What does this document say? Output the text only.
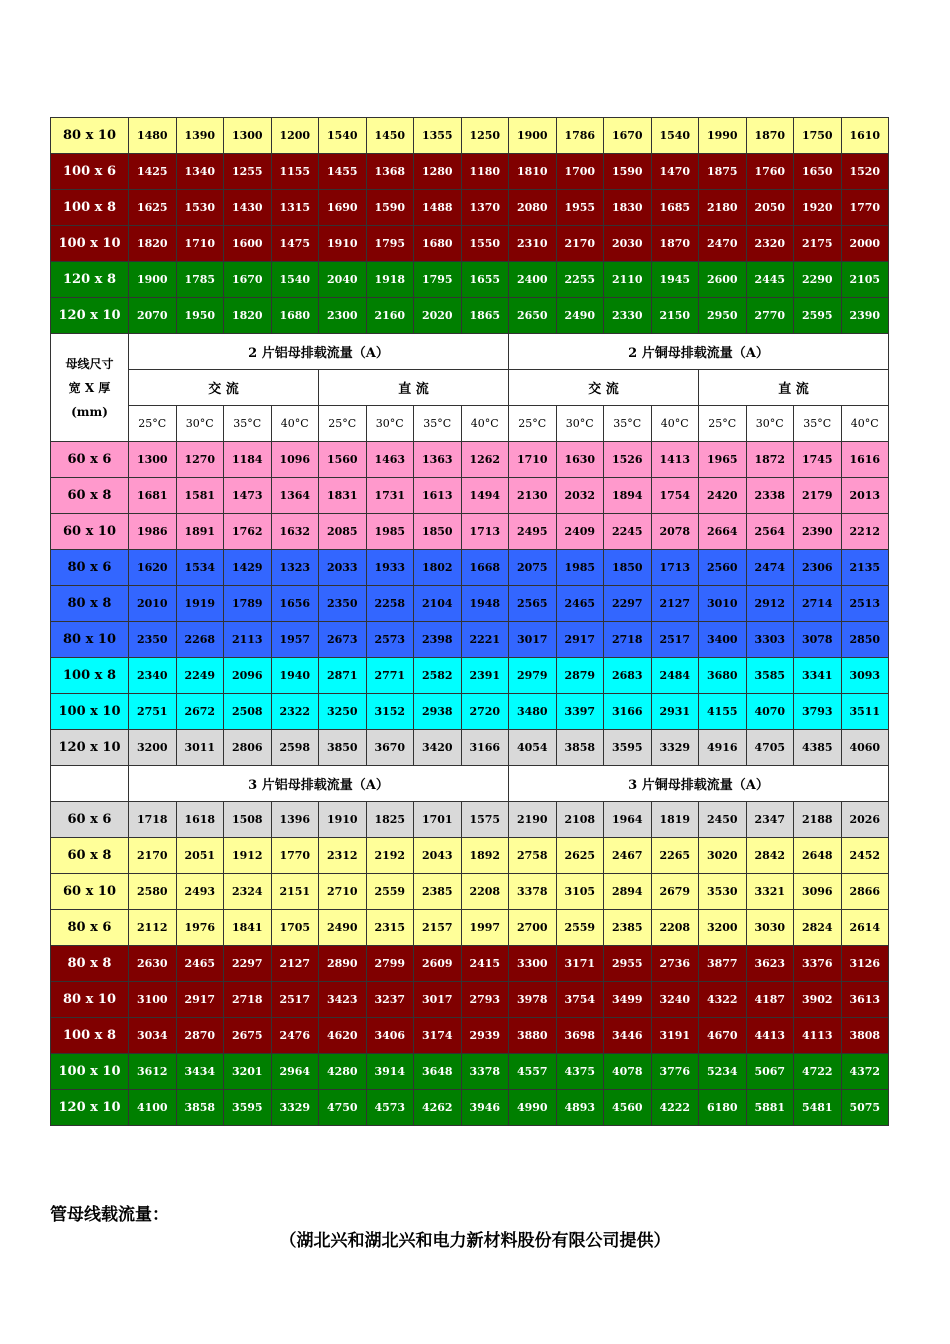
80 x 10	1480	1390	1300	1200	1540	1450	1355	1250	1900	1786	1670	1540	1990	1870	1750	1610
100 x 6	1425	1340	1255	1155	1455	1368	1280	1180	1810	1700	1590	1470	1875	1760	1650	1520
100 x 8	1625	1530	1430	1315	1690	1590	1488	1370	2080	1955	1830	1685	2180	2050	1920	1770
100 x 10	1820	1710	1600	1475	1910	1795	1680	1550	2310	2170	2030	1870	2470	2320	2175	2000
120 x 8	1900	1785	1670	1540	2040	1918	1795	1655	2400	2255	2110	1945	2600	2445	2290	2105
120 x 10	2070	1950	1820	1680	2300	2160	2020	1865	2650	2490	2330	2150	2950	2770	2595	2390

母线尺寸
宽 X 厚
(mm)	2 片铝母排载流量（A）								2 片铜母排载流量（A）							
	交 流				直 流				交 流				直 流			
	25°C	30°C	35°C	40°C	25°C	30°C	35°C	40°C	25°C	30°C	35°C	40°C	25°C	30°C	35°C	40°C
60 x 6	1300	1270	1184	1096	1560	1463	1363	1262	1710	1630	1526	1413	1965	1872	1745	1616
60 x 8	1681	1581	1473	1364	1831	1731	1613	1494	2130	2032	1894	1754	2420	2338	2179	2013
60 x 10	1986	1891	1762	1632	2085	1985	1850	1713	2495	2409	2245	2078	2664	2564	2390	2212
80 x 6	1620	1534	1429	1323	2033	1933	1802	1668	2075	1985	1850	1713	2560	2474	2306	2135
80 x 8	2010	1919	1789	1656	2350	2258	2104	1948	2565	2465	2297	2127	3010	2912	2714	2513
80 x 10	2350	2268	2113	1957	2673	2573	2398	2221	3017	2917	2718	2517	3400	3303	3078	2850
100 x 8	2340	2249	2096	1940	2871	2771	2582	2391	2979	2879	2683	2484	3680	3585	3341	3093
100 x 10	2751	2672	2508	2322	3250	3152	2938	2720	3480	3397	3166	2931	4155	4070	3793	3511
120 x 10	3200	3011	2806	2598	3850	3670	3420	3166	4054	3858	3595	3329	4916	4705	4385	4060
	3 片铝母排载流量（A）								3 片铜母排载流量（A）							
60 x 6	1718	1618	1508	1396	1910	1825	1701	1575	2190	2108	1964	1819	2450	2347	2188	2026
60 x 8	2170	2051	1912	1770	2312	2192	2043	1892	2758	2625	2467	2265	3020	2842	2648	2452
60 x 10	2580	2493	2324	2151	2710	2559	2385	2208	3378	3105	2894	2679	3530	3321	3096	2866
80 x 6	2112	1976	1841	1705	2490	2315	2157	1997	2700	2559	2385	2208	3200	3030	2824	2614
80 x 8	2630	2465	2297	2127	2890	2799	2609	2415	3300	3171	2955	2736	3877	3623	3376	3126
80 x 10	3100	2917	2718	2517	3423	3237	3017	2793	3978	3754	3499	3240	4322	4187	3902	3613
100 x 8	3034	2870	2675	2476	4620	3406	3174	2939	3880	3698	3446	3191	4670	4413	4113	3808
100 x 10	3612	3434	3201	2964	4280	3914	3648	3378	4557	4375	4078	3776	5234	5067	4722	4372
120 x 10	4100	3858	3595	3329	4750	4573	4262	3946	4990	4893	4560	4222	6180	5881	5481	5075
管母线载流量：
（湖北兴和湖北兴和电力新材料股份有限公司提供）
